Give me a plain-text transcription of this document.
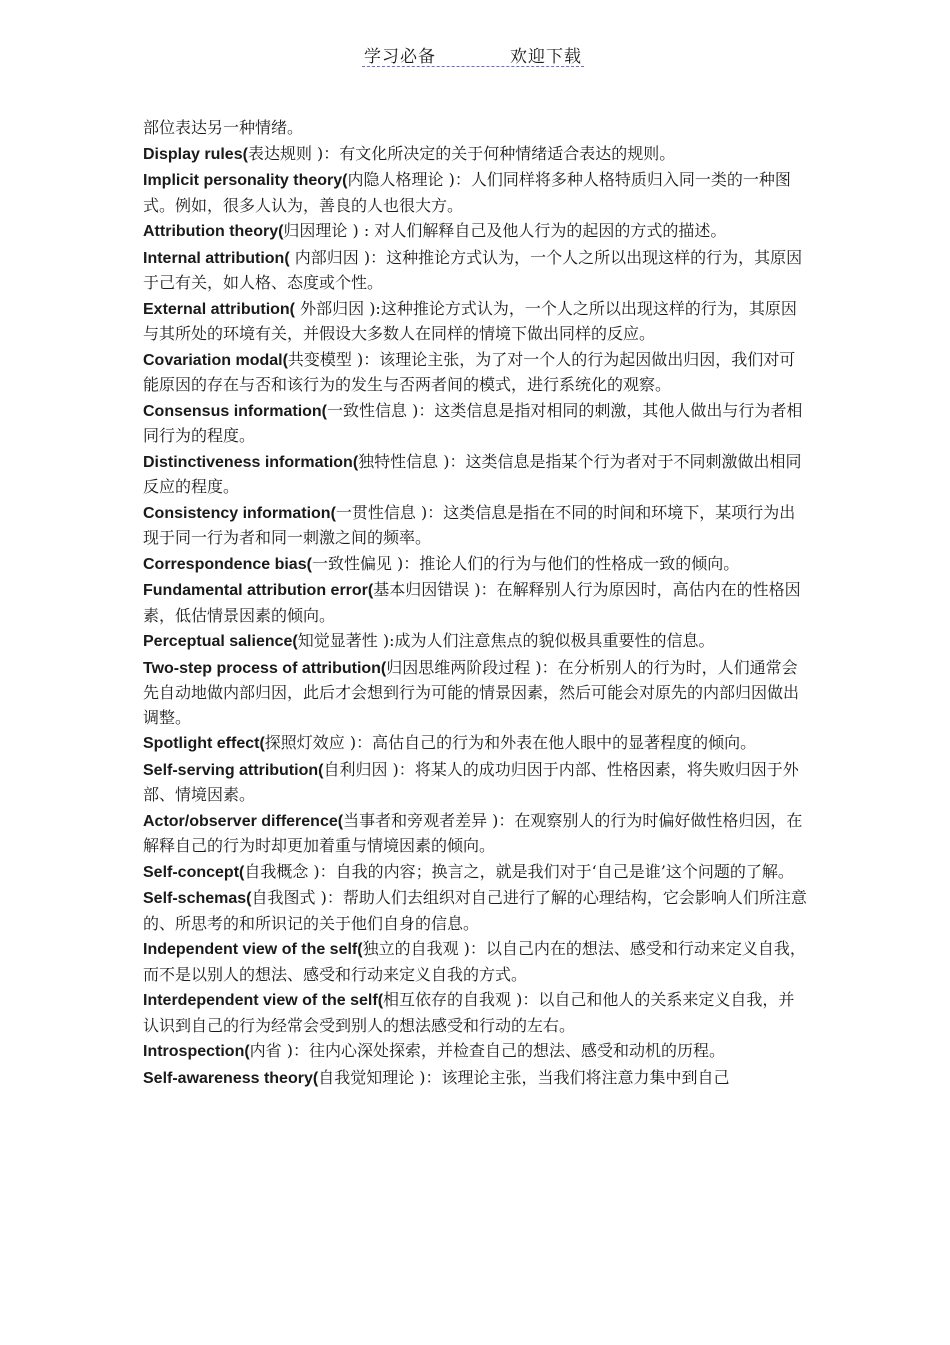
学习必备	欢迎下载
部位表达另一种情绪。
Display rules(表达规则 )：有文化所决定的关于何种情绪适合表达的规则。
Implicit personality theory(内隐人格理论 )：人们同样将多种人格特质归入同一类的一种图式。例如，很多人认为，善良的人也很大方。
Attribution theory(归因理论 ) : 对人们解释自己及他人行为的起因的方式的描述。
Internal attribution( 内部归因 )：这种推论方式认为，一个人之所以出现这样的行为，其原因于己有关，如人格、态度或个性。
External attribution( 外部归因 ):这种推论方式认为，一个人之所以出现这样的行为，其原因与其所处的环境有关，并假设大多数人在同样的情境下做出同样的反应。
Covariation modal(共变模型 )：该理论主张，为了对一个人的行为起因做出归因，我们对可能原因的存在与否和该行为的发生与否两者间的模式，进行系统化的观察。
Consensus information(一致性信息 )：这类信息是指对相同的刺激，其他人做出与行为者相同行为的程度。
Distinctiveness information(独特性信息 )：这类信息是指某个行为者对于不同刺激做出相同反应的程度。
Consistency information(一贯性信息 )：这类信息是指在不同的时间和环境下，某项行为出现于同一行为者和同一刺激之间的频率。
Correspondence bias(一致性偏见 )：推论人们的行为与他们的性格成一致的倾向。
Fundamental attribution error(基本归因错误 )：在解释别人行为原因时，高估内在的性格因素，低估情景因素的倾向。
Perceptual salience(知觉显著性 ):成为人们注意焦点的貌似极具重要性的信息。
Two-step process of attribution(归因思维两阶段过程 )：在分析别人的行为时，人们通常会先自动地做内部归因，此后才会想到行为可能的情景因素，然后可能会对原先的内部归因做出调整。
Spotlight effect(探照灯效应 )：高估自己的行为和外表在他人眼中的显著程度的倾向。
Self-serving attribution(自利归因 )：将某人的成功归因于内部、性格因素，将失败归因于外部、情境因素。
Actor/observer difference(当事者和旁观者差异 )：在观察别人的行为时偏好做性格归因，在解释自己的行为时却更加着重与情境因素的倾向。
Self-concept(自我概念 )：自我的内容；换言之，就是我们对于‘自己是谁’这个问题的了解。
Self-schemas(自我图式 )：帮助人们去组织对自己进行了解的心理结构，它会影响人们所注意的、所思考的和所识记的关于他们自身的信息。
Independent view of the self(独立的自我观 )：以自己内在的想法、感受和行动来定义自我，而不是以别人的想法、感受和行动来定义自我的方式。
Interdependent view of the self(相互依存的自我观 )：以自己和他人的关系来定义自我，并认识到自己的行为经常会受到别人的想法感受和行动的左右。
Introspection(内省 )：往内心深处探索，并检查自己的想法、感受和动机的历程。
Self-awareness theory(自我觉知理论 )：该理论主张，当我们将注意力集中到自己
